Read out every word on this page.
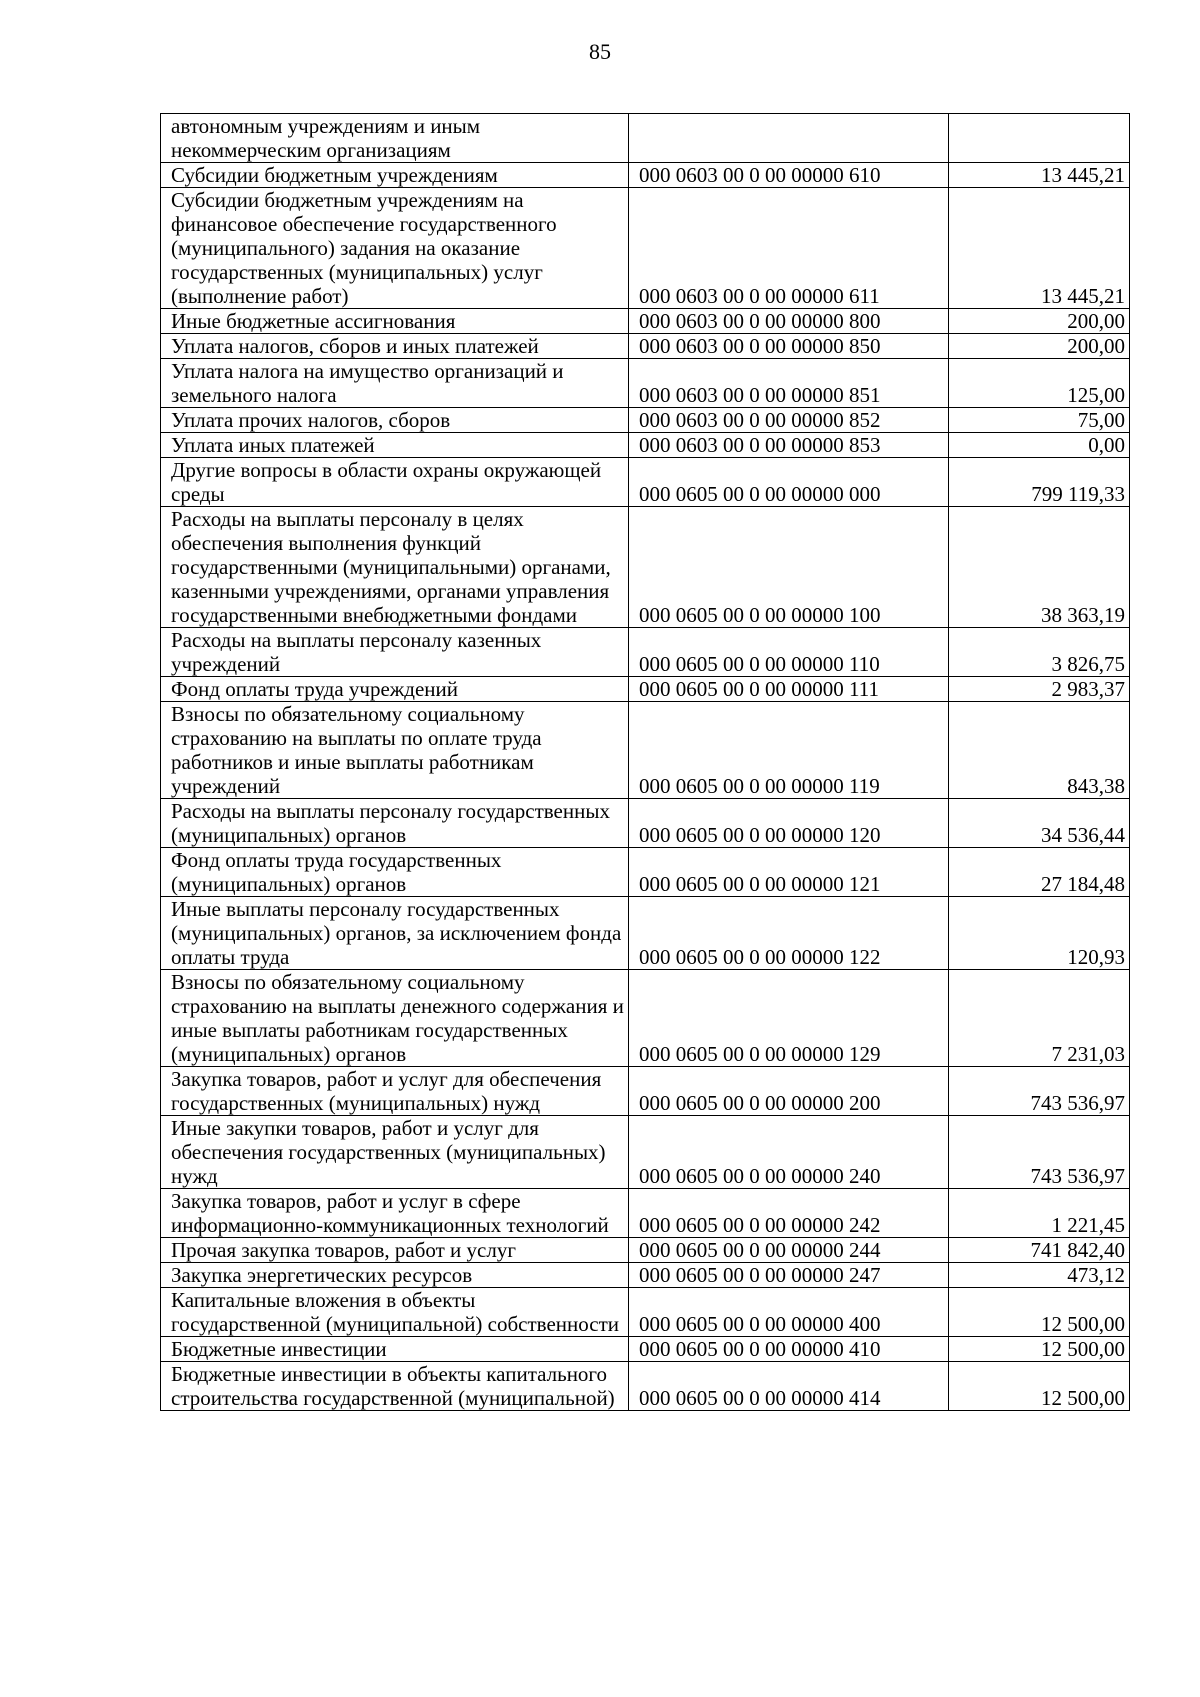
85
автономным учреждениям и иным некоммерческим организациям		
Субсидии бюджетным учреждениям	000 0603 00 0 00 00000 610	13 445,21
Субсидии бюджетным учреждениям на финансовое обеспечение государственного (муниципального) задания на оказание государственных (муниципальных) услуг (выполнение работ)	000 0603 00 0 00 00000 611	13 445,21
Иные бюджетные ассигнования	000 0603 00 0 00 00000 800	200,00
Уплата налогов, сборов и иных платежей	000 0603 00 0 00 00000 850	200,00
Уплата налога на имущество организаций и земельного налога	000 0603 00 0 00 00000 851	125,00
Уплата прочих налогов, сборов	000 0603 00 0 00 00000 852	75,00
Уплата иных платежей	000 0603 00 0 00 00000 853	0,00
Другие вопросы в области охраны окружающей среды	000 0605 00 0 00 00000 000	799 119,33
Расходы на выплаты персоналу в целях обеспечения выполнения функций государственными (муниципальными) органами, казенными учреждениями, органами управления государственными внебюджетными фондами	000 0605 00 0 00 00000 100	38 363,19
Расходы на выплаты персоналу казенных учреждений	000 0605 00 0 00 00000 110	3 826,75
Фонд оплаты труда учреждений	000 0605 00 0 00 00000 111	2 983,37
Взносы по обязательному социальному страхованию на выплаты по оплате труда работников и иные выплаты работникам учреждений	000 0605 00 0 00 00000 119	843,38
Расходы на выплаты персоналу государственных (муниципальных) органов	000 0605 00 0 00 00000 120	34 536,44
Фонд оплаты труда государственных (муниципальных) органов	000 0605 00 0 00 00000 121	27 184,48
Иные выплаты персоналу государственных (муниципальных) органов, за исключением фонда оплаты труда	000 0605 00 0 00 00000 122	120,93
Взносы по обязательному социальному страхованию на выплаты денежного содержания и иные выплаты работникам государственных (муниципальных) органов	000 0605 00 0 00 00000 129	7 231,03
Закупка товаров, работ и услуг для обеспечения государственных (муниципальных) нужд	000 0605 00 0 00 00000 200	743 536,97
Иные закупки товаров, работ и услуг для обеспечения государственных (муниципальных) нужд	000 0605 00 0 00 00000 240	743 536,97
Закупка товаров, работ и услуг в сфере информационно-коммуникационных технологий	000 0605 00 0 00 00000 242	1 221,45
Прочая закупка товаров, работ и услуг	000 0605 00 0 00 00000 244	741 842,40
Закупка энергетических ресурсов	000 0605 00 0 00 00000 247	473,12
Капитальные вложения в объекты государственной (муниципальной) собственности	000 0605 00 0 00 00000 400	12 500,00
Бюджетные инвестиции	000 0605 00 0 00 00000 410	12 500,00
Бюджетные инвестиции в объекты капитального строительства государственной (муниципальной)	000 0605 00 0 00 00000 414	12 500,00
